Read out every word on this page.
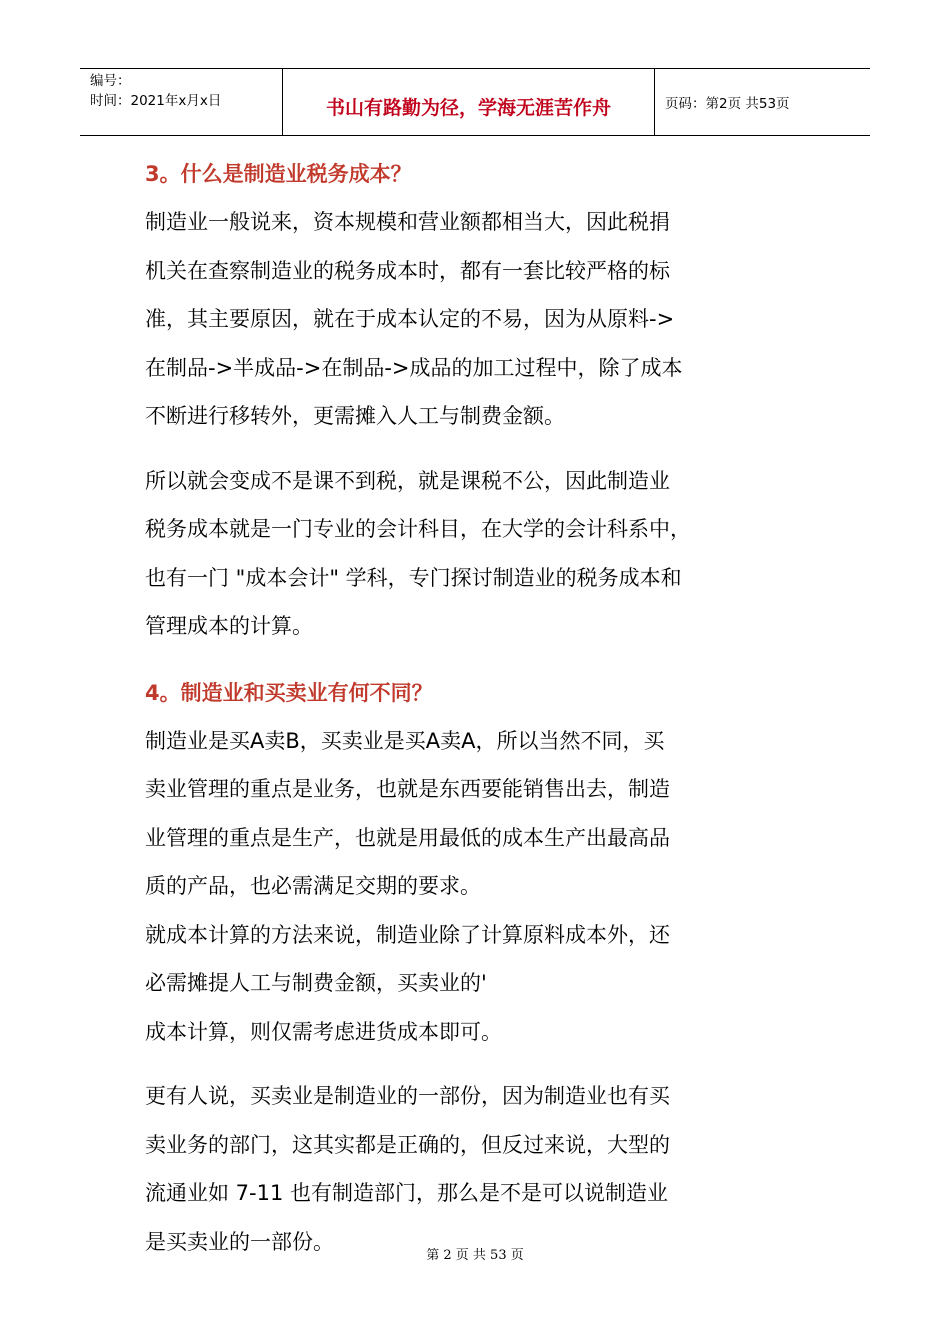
编号：
时间：2021年x月x日	书山有路勤为径，学海无涯苦作舟	页码：第2页 共53页
3。什么是制造业税务成本？

制造业一般说来，资本规模和营业额都相当大，因此税捐
机关在查察制造业的税务成本时，都有一套比较严格的标
准，其主要原因，就在于成本认定的不易，因为从原料->
在制品->半成品->在制品->成品的加工过程中，除了成本
不断进行移转外，更需摊入人工与制费金额。

所以就会变成不是课不到税，就是课税不公，因此制造业
税务成本就是一门专业的会计科目，在大学的会计科系中，
也有一门 "成本会计" 学科，专门探讨制造业的税务成本和
管理成本的计算。

4。制造业和买卖业有何不同？

制造业是买A卖B，买卖业是买A卖A，所以当然不同，买
卖业管理的重点是业务，也就是东西要能销售出去，制造
业管理的重点是生产，也就是用最低的成本生产出最高品
质的产品，也必需满足交期的要求。
就成本计算的方法来说，制造业除了计算原料成本外，还
必需摊提人工与制费金额，买卖业的'
成本计算，则仅需考虑进货成本即可。

更有人说，买卖业是制造业的一部份，因为制造业也有买
卖业务的部门，这其实都是正确的，但反过来说，大型的
流通业如 7-11 也有制造部门，那么是不是可以说制造业
是买卖业的一部份。

第 2 页 共 53 页
